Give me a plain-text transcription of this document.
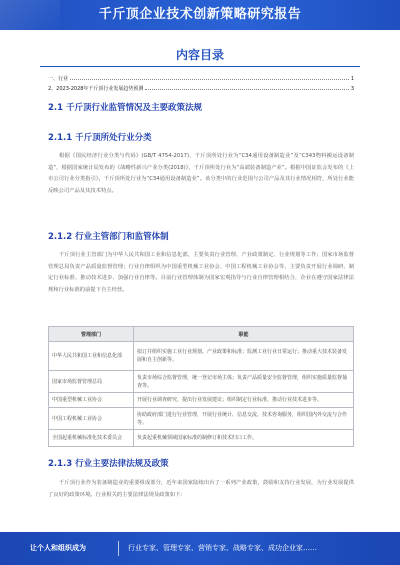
千斤顶企业技术创新策略研究报告
内容目录
一、行业	1
2、2023-2028年千斤顶行业发展趋势预测	3
2.1 千斤顶行业监管情况及主要政策法规
2.1.1 千斤顶所处行业分类
根据《国民经济行业分类与代码》(GB/T 4754-2017)，千斤顶所处行业为“C34通用设备制造业”及“C343物料搬运设备制造”，根据国家统计局发布的《战略性新兴产业分类(2018)》，千斤顶所处行业为“高端装备制造产业”。根据中国证监会发布的《上市公司行业分类指引》，千斤顶所处行业为“C34通用设备制造业”。该分类中的行业范围与公司产品及其行业情况相符，所处行业能反映公司产品及其技术特点。
2.1.2 行业主管部门和监管体制
千斤顶行业主管部门为中华人民共和国工业和信息化部，主要负责行业管理、产业政策制定、行业规划等工作；国家市场监督管理总局负责产品质量监督管理；行业自律组织为中国重型机械工业协会、中国工程机械工业协会等，主要负责开展行业调研、制定行业标准、推动技术进步、加强行业自律等。目前行业管理体制为国家宏观指导与行业自律管理相结合，企业在遵守国家法律法规和行业标准的前提下自主经营。
管理部门	职能
中华人民共和国工业和信息化部	拟订并组织实施工业行业规划、产业政策和标准；监测工业行业日常运行；推动重大技术装备发展和自主创新等。
国家市场监督管理总局	负责市场综合监督管理，统一登记市场主体；负责产品质量安全监督管理，组织实施质量监督抽查等。
中国重型机械工业协会	开展行业调查研究，提出行业发展建议；组织制定行业标准，推动行业技术进步等。
中国工程机械工业协会	协助政府部门进行行业管理，开展行业统计、信息交流、技术咨询服务，组织国内外交流与合作等。
全国起重机械标准化技术委员会	负责起重机械领域国家标准的制修订和技术归口工作。
2.1.3 行业主要法律法规及政策
千斤顶行业作为装备制造业的重要组成部分，近年来国家陆续出台了一系列产业政策，鼓励和支持行业发展，为行业发展提供了良好的政策环境。行业相关的主要法律法规及政策如下：
让个人和组织成为	行业专家、管理专家、营销专家、战略专家、成功企业家……
